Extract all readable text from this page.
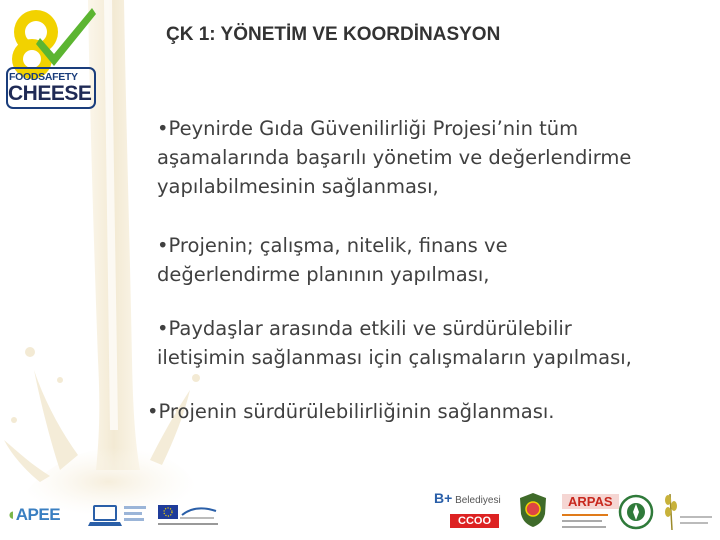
FOODSAFETY
CHEESE
ÇK 1: YÖNETİM VE KOORDİNASYON
•Peynirde Gıda Güvenilirliği Projesi’nin tüm
aşamalarında başarılı yönetim ve değerlendirme
yapılabilmesinin sağlanması,
•Projenin; çalışma, nitelik, finans ve
değerlendirme planının yapılması,
•Paydaşlar arasında etkili ve sürdürülebilir
iletişimin sağlanması için çalışmaların yapılması,
•Projenin sürdürülebilirliğinin sağlanması.
◖APEE
B+ Belediyesi
CCOO
ARPAS
